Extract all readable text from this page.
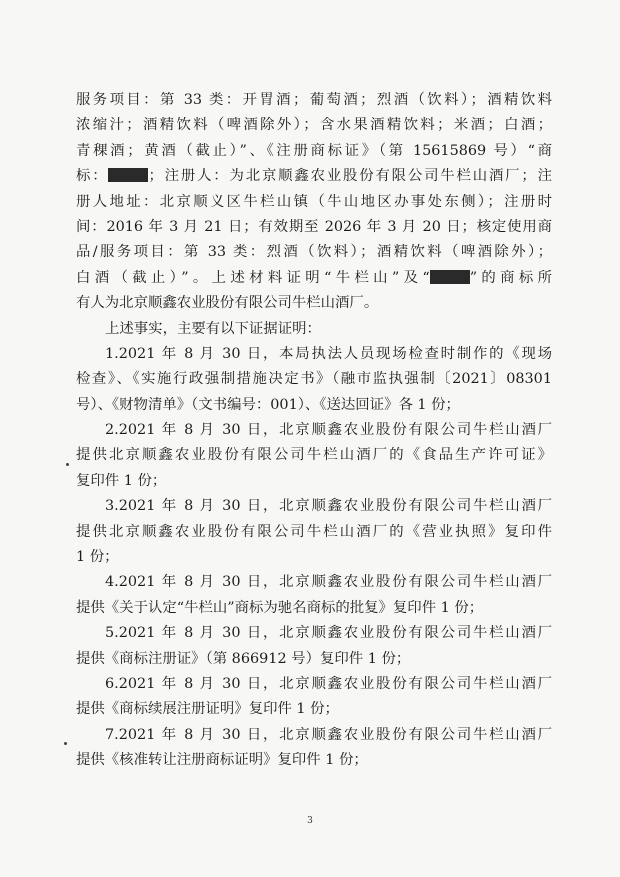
服务项目：第 33 类：开胃酒；葡萄酒；烈酒（饮料）；酒精饮料
浓缩汁；酒精饮料（啤酒除外）；含水果酒精饮料；米酒；白酒；
青稞酒；黄酒（截止）”、《注册商标证》（第 15615869 号）“商
标：	；注册人：为北京顺鑫农业股份有限公司牛栏山酒厂；注
册人地址：北京顺义区牛栏山镇（牛山地区办事处东侧）；注册时
间：2016 年 3 月 21 日；有效期至 2026 年 3 月 20 日；核定使用商
品/服务项目：第 33 类：烈酒（饮料）；酒精饮料（啤酒除外）；
白酒（截止）”。上述材料证明“牛栏山”及“	”的商标所
有人为北京顺鑫农业股份有限公司牛栏山酒厂。
上述事实，主要有以下证据证明：
1.2021 年 8 月 30 日，本局执法人员现场检查时制作的《现场
检查》、《实施行政强制措施决定书》（融市监执强制〔2021〕08301
号）、《财物清单》（文书编号：001）、《送达回证》各 1 份；
2.2021 年 8 月 30 日，北京顺鑫农业股份有限公司牛栏山酒厂
提供北京顺鑫农业股份有限公司牛栏山酒厂的《食品生产许可证》
复印件 1 份；
3.2021 年 8 月 30 日，北京顺鑫农业股份有限公司牛栏山酒厂
提供北京顺鑫农业股份有限公司牛栏山酒厂的《营业执照》复印件
1 份；
4.2021 年 8 月 30 日，北京顺鑫农业股份有限公司牛栏山酒厂
提供《关于认定“牛栏山”商标为驰名商标的批复》复印件 1 份；
5.2021 年 8 月 30 日，北京顺鑫农业股份有限公司牛栏山酒厂
提供《商标注册证》（第 866912 号）复印件 1 份；
6.2021 年 8 月 30 日，北京顺鑫农业股份有限公司牛栏山酒厂
提供《商标续展注册证明》复印件 1 份；
7.2021 年 8 月 30 日，北京顺鑫农业股份有限公司牛栏山酒厂
提供《核准转让注册商标证明》复印件 1 份；
3
